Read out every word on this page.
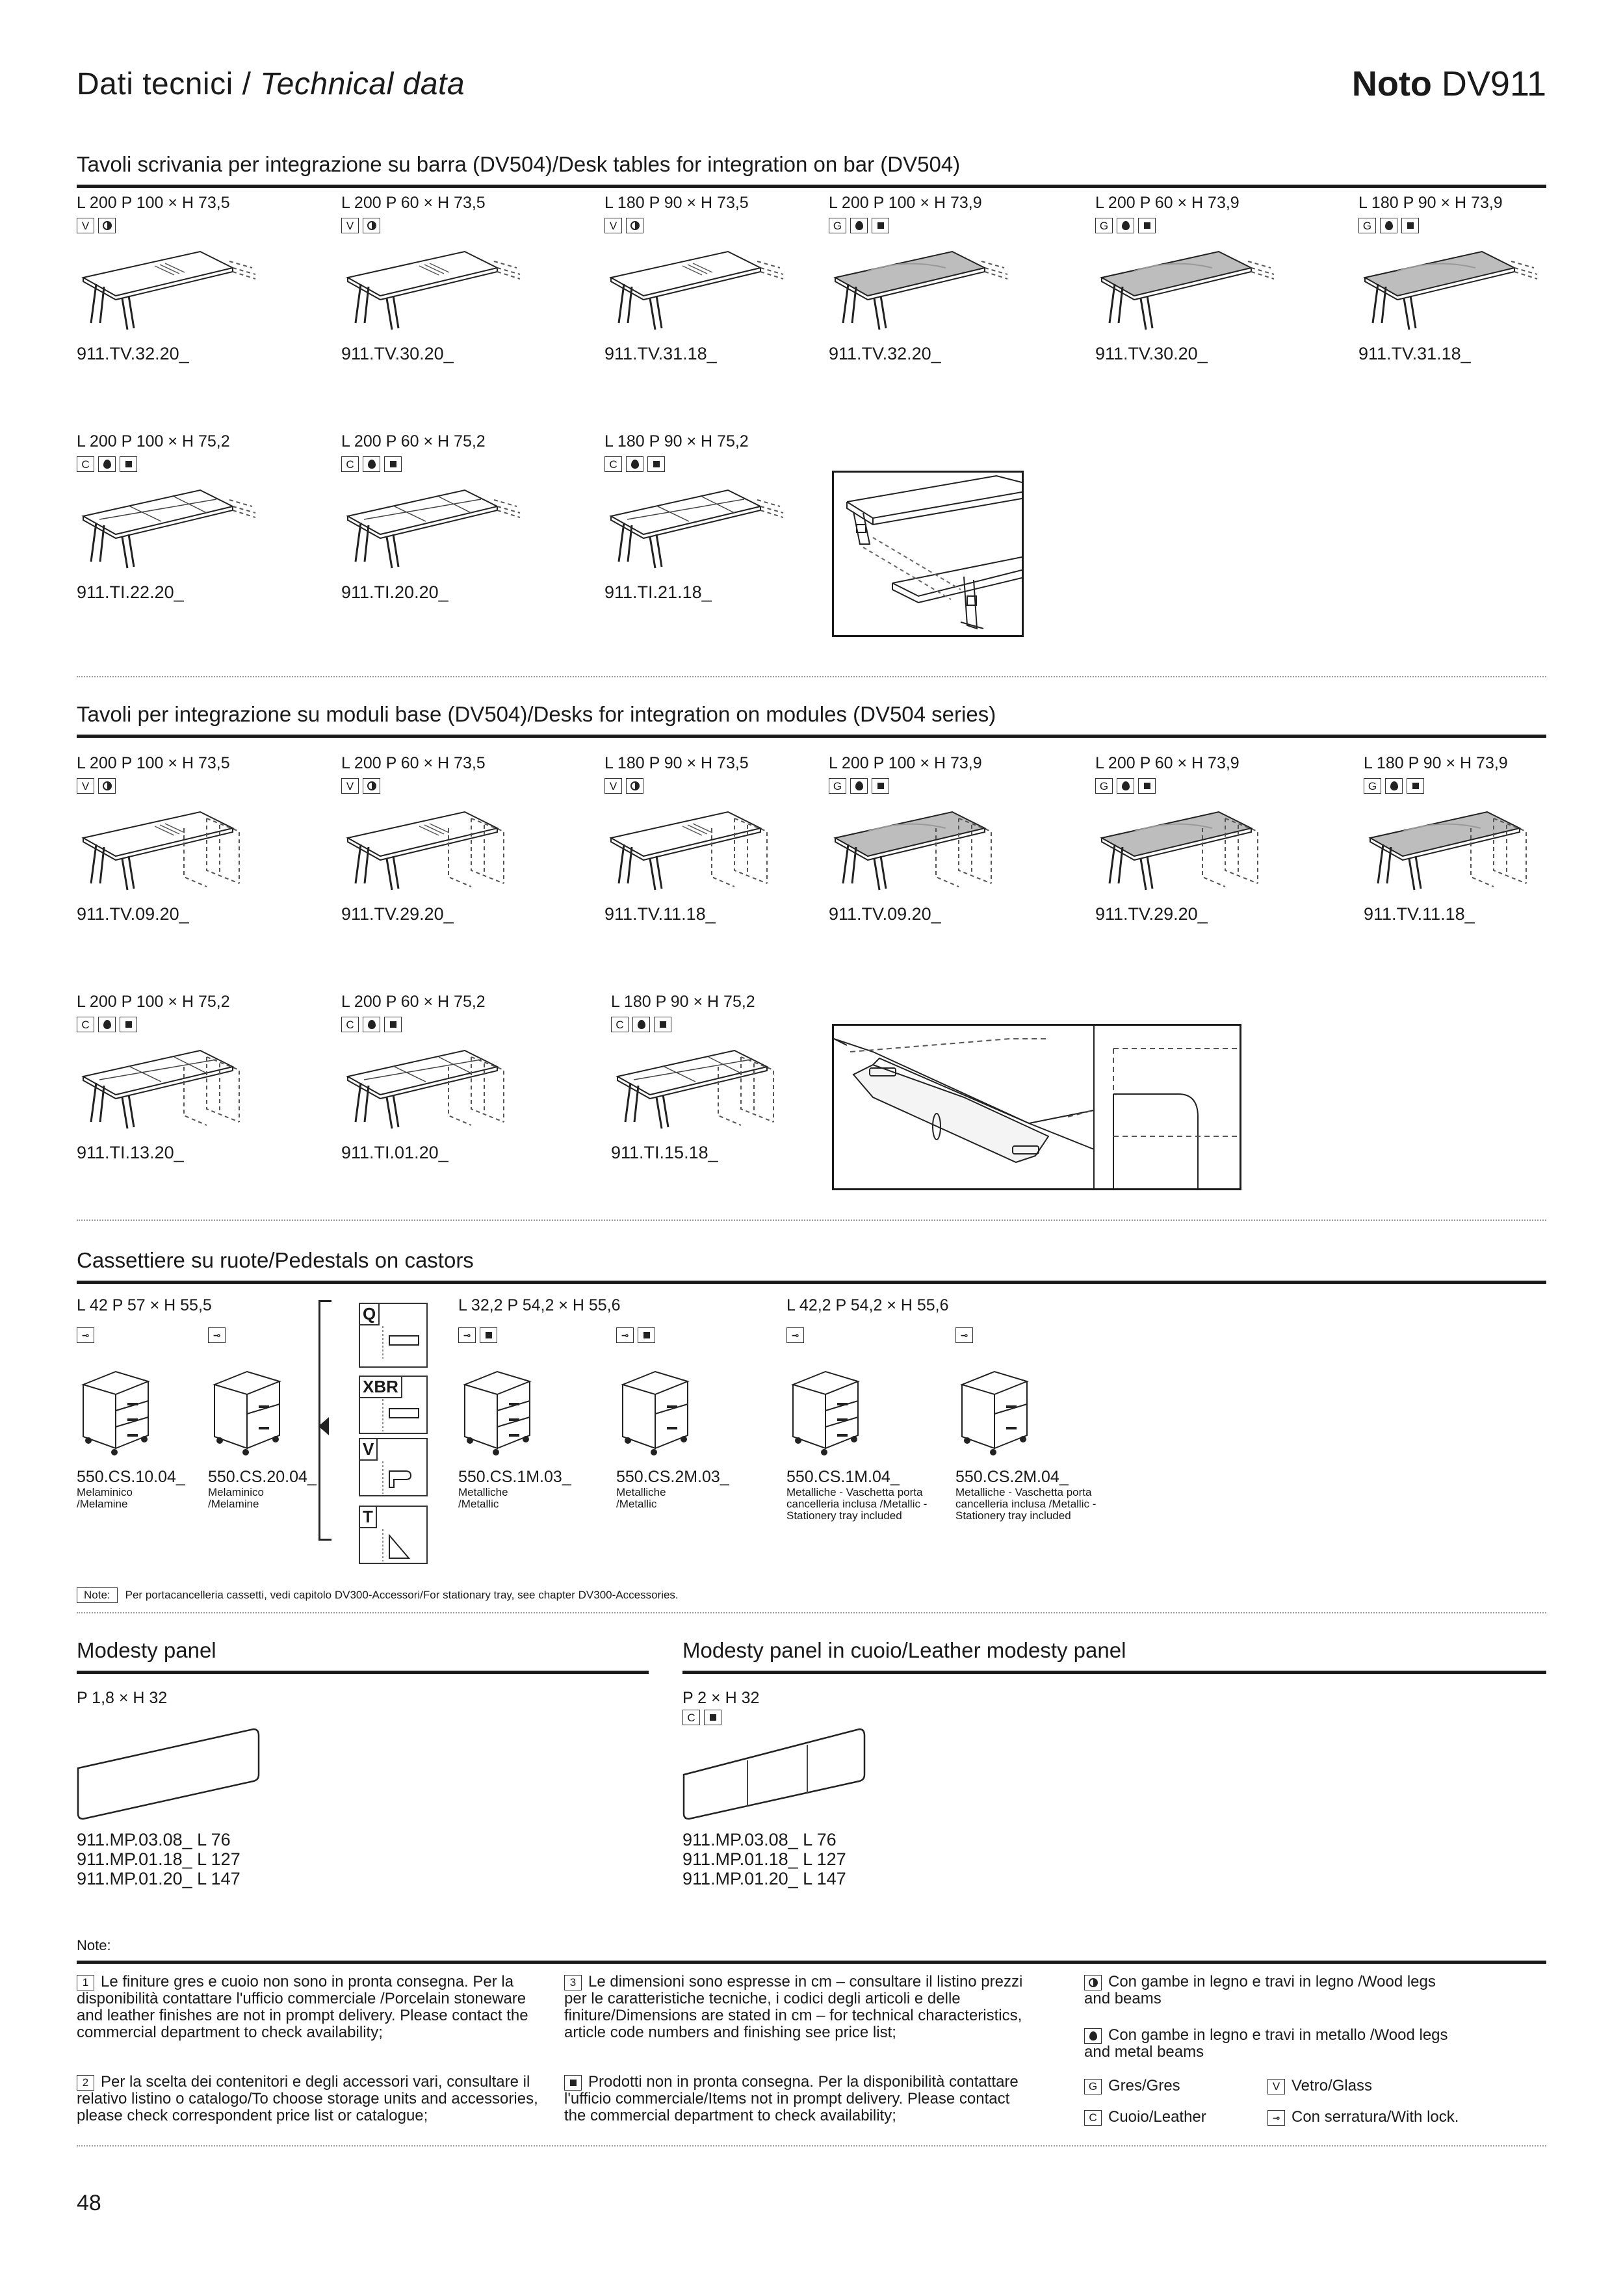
Dati tecnici / Technical data	Noto DV911
Tavoli scrivania per integrazione su barra (DV504)/Desk tables for integration on bar (DV504)
L 200 P 100 × H 73,5
V
911.TV.32.20_
L 200 P 60 × H 73,5
V
911.TV.30.20_
L 180 P 90 × H 73,5
V
911.TV.31.18_
L 200 P 100 × H 73,9
G
911.TV.32.20_
L 200 P 60 × H 73,9
G
911.TV.30.20_
L 180 P 90 × H 73,9
G
911.TV.31.18_
L 200 P 100 × H 75,2
C
911.TI.22.20_
L 200 P 60 × H 75,2
C
911.TI.20.20_
L 180 P 90 × H 75,2
C
911.TI.21.18_
Tavoli per integrazione su moduli base (DV504)/Desks for integration on modules (DV504 series)
L 200 P 100 × H 73,5
V
911.TV.09.20_
L 200 P 60 × H 73,5
V
911.TV.29.20_
L 180 P 90 × H 73,5
V
911.TV.11.18_
L 200 P 100 × H 73,9
G
911.TV.09.20_
L 200 P 60 × H 73,9
G
911.TV.29.20_
L 180 P 90 × H 73,9
G
911.TV.11.18_
L 200 P 100 × H 75,2
C
911.TI.13.20_
L 200 P 60 × H 75,2
C
911.TI.01.20_
L 180 P 90 × H 75,2
C
911.TI.15.18_
Cassettiere su ruote/Pedestals on castors
L 42 P 57 × H 55,5	L 32,2 P 54,2 × H 55,6	L 42,2 P 54,2 × H 55,6
⊸	⊸	⊸	⊸	⊸	⊸
Q
XBR
V
T
550.CS.10.04_
Melaminico /Melamine
550.CS.20.04_
Melaminico /Melamine
550.CS.1M.03_
Metalliche /Metallic
550.CS.2M.03_
Metalliche /Metallic
550.CS.1M.04_
Metalliche - Vaschetta porta cancelleria inclusa /Metallic - Stationery tray included
550.CS.2M.04_
Metalliche - Vaschetta porta cancelleria inclusa /Metallic - Stationery tray included
Note:	Per portacancelleria cassetti, vedi capitolo DV300-Accessori/For stationary tray, see chapter DV300-Accessories.
Modesty panel	Modesty panel in cuoio/Leather modesty panel
P 1,8 × H 32	P 2 × H 32
C
911.MP.03.08_ L 76
911.MP.01.18_ L 127
911.MP.01.20_ L 147
911.MP.03.08_ L 76
911.MP.01.18_ L 127
911.MP.01.20_ L 147
Note:
1 Le finiture gres e cuoio non sono in pronta consegna. Per la disponibilità contattare l'ufficio commerciale /Porcelain stoneware and leather finishes are not in prompt delivery. Please contact the commercial department to check availability;
2 Per la scelta dei contenitori e degli accessori vari, consultare il relativo listino o catalogo/To choose storage units and accessories, please check correspondent price list or catalogue;
3 Le dimensioni sono espresse in cm – consultare il listino prezzi per le caratteristiche tecniche, i codici degli articoli e delle finiture/Dimensions are stated in cm – for technical characteristics, article code numbers and finishing see price list;
Prodotti non in pronta consegna. Per la disponibilità contattare l'ufficio commerciale/Items not in prompt delivery. Please contact the commercial department to check availability;
Con gambe in legno e travi in legno /Wood legs and beams
Con gambe in legno e travi in metallo /Wood legs and metal beams
G Gres/Gres	V Vetro/Glass
C Cuoio/Leather	⊸ Con serratura/With lock.
48
